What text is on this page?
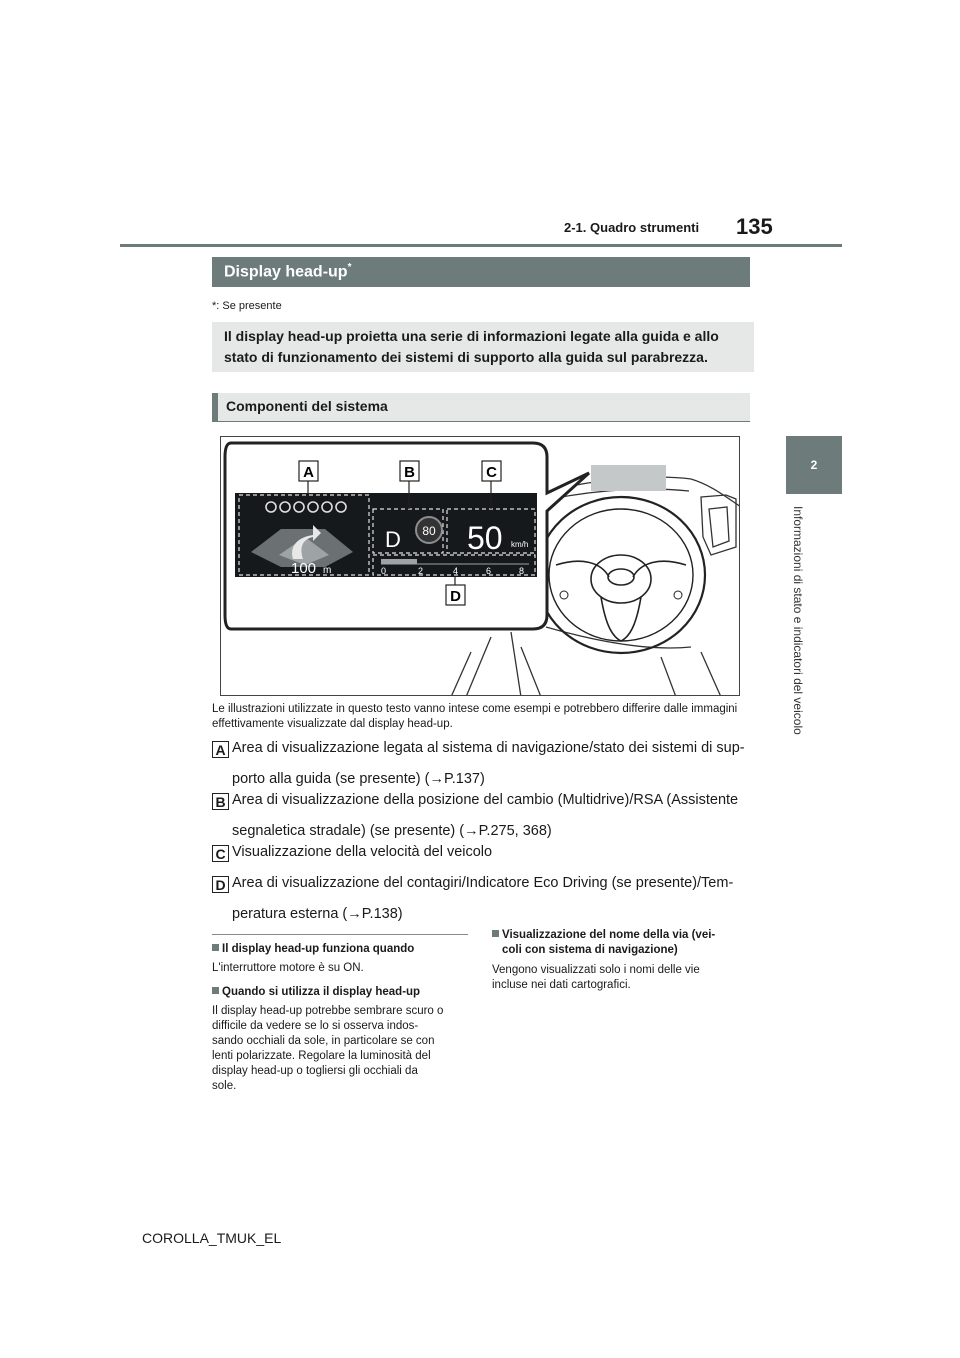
135
2-1. Quadro strumenti
2
Informazioni di stato e indicatori del veicolo
Display head-up*
*: Se presente
Il display head-up proietta una serie di informazioni legate alla guida e allo stato di funzionamento dei sistemi di supporto alla guida sul parabrezza.
Componenti del sistema
100 m
D 80 50 km/h
0	2	4	6	8
A	B	C
D
Le illustrazioni utilizzate in questo testo vanno intese come esempi e potrebbero differire dalle immagini effettivamente visualizzate dal display head-up.
A Area di visualizzazione legata al sistema di navigazione/stato dei sistemi di sup-
porto alla guida (se presente) (→P.137)
B Area di visualizzazione della posizione del cambio (Multidrive)/RSA (Assistente
segnaletica stradale) (se presente) (→P.275, 368)
C Visualizzazione della velocità del veicolo
D Area di visualizzazione del contagiri/Indicatore Eco Driving (se presente)/Tem-
peratura esterna (→P.138)
Il display head-up funziona quando
L'interruttore motore è su ON.
Quando si utilizza il display head-up
Il display head-up potrebbe sembrare scuro o
difficile da vedere se lo si osserva indos-
sando occhiali da sole, in particolare se con
lenti polarizzate. Regolare la luminosità del
display head-up o togliersi gli occhiali da
sole.
Visualizzazione del nome della via (vei-
coli con sistema di navigazione)
Vengono visualizzati solo i nomi delle vie
incluse nei dati cartografici.
COROLLA_TMUK_EL
